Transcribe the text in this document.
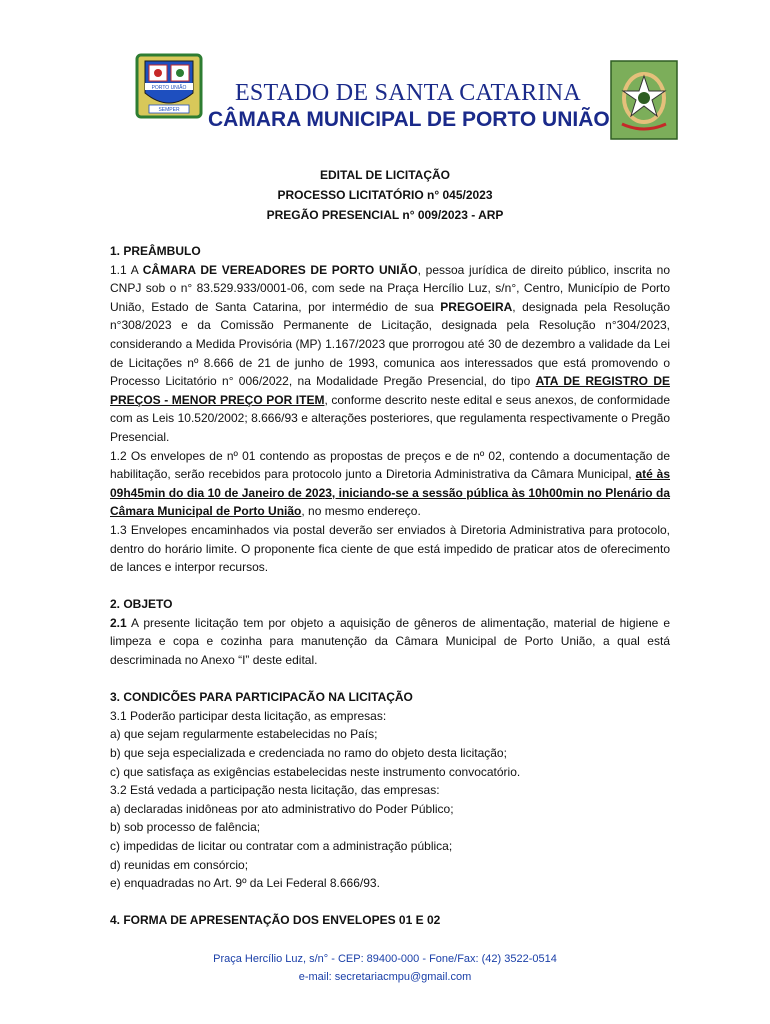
PORTO UNIÃO
SEMPER
ESTADO DE SANTA CATARINA
CÂMARA MUNICIPAL DE PORTO UNIÃO
EDITAL DE LICITAÇÃO
PROCESSO LICITATÓRIO n° 045/2023
PREGÃO PRESENCIAL n° 009/2023 - ARP

1. PREÂMBULO

1.1 A CÂMARA DE VEREADORES DE PORTO UNIÃO, pessoa jurídica de direito público, inscrita no CNPJ sob o n° 83.529.933/0001-06, com sede na Praça Hercílio Luz, s/n°, Centro, Município de Porto União, Estado de Santa Catarina, por intermédio de sua PREGOEIRA, designada pela Resolução n°308/2023 e da Comissão Permanente de Licitação, designada pela Resolução n°304/2023, considerando a Medida Provisória (MP) 1.167/2023 que prorrogou até 30 de dezembro a validade da Lei de Licitações nº 8.666 de 21 de junho de 1993, comunica aos interessados que está promovendo o Processo Licitatório n° 006/2022, na Modalidade Pregão Presencial, do tipo ATA DE REGISTRO DE PREÇOS - MENOR PREÇO POR ITEM, conforme descrito neste edital e seus anexos, de conformidade com as Leis 10.520/2002; 8.666/93 e alterações posteriores, que regulamenta respectivamente o Pregão Presencial.

1.2 Os envelopes de nº 01 contendo as propostas de preços e de nº 02, contendo a documentação de habilitação, serão recebidos para protocolo junto a Diretoria Administrativa da Câmara Municipal, até às 09h45min do dia 10 de Janeiro de 2023, iniciando-se a sessão pública às 10h00min no Plenário da Câmara Municipal de Porto União, no mesmo endereço.

1.3 Envelopes encaminhados via postal deverão ser enviados à Diretoria Administrativa para protocolo, dentro do horário limite. O proponente fica ciente de que está impedido de praticar atos de oferecimento de lances e interpor recursos.

2. OBJETO

2.1 A presente licitação tem por objeto a aquisição de gêneros de alimentação, material de higiene e limpeza e copa e cozinha para manutenção da Câmara Municipal de Porto União, a qual está descriminada no Anexo “I” deste edital.

3. CONDICÕES PARA PARTICIPACÃO NA LICITAÇÃO

3.1 Poderão participar desta licitação, as empresas:

a) que sejam regularmente estabelecidas no País;

b) que seja especializada e credenciada no ramo do objeto desta licitação;

c) que satisfaça as exigências estabelecidas neste instrumento convocatório.

3.2 Está vedada a participação nesta licitação, das empresas:

a) declaradas inidôneas por ato administrativo do Poder Público;

b) sob processo de falência;

c) impedidas de licitar ou contratar com a administração pública;

d) reunidas em consórcio;

e) enquadradas no Art. 9º da Lei Federal 8.666/93.

4. FORMA DE APRESENTAÇÃO DOS ENVELOPES 01 E 02

Praça Hercílio Luz, s/n° - CEP: 89400-000 - Fone/Fax: (42) 3522-0514
e-mail: secretariacmpu@gmail.com
